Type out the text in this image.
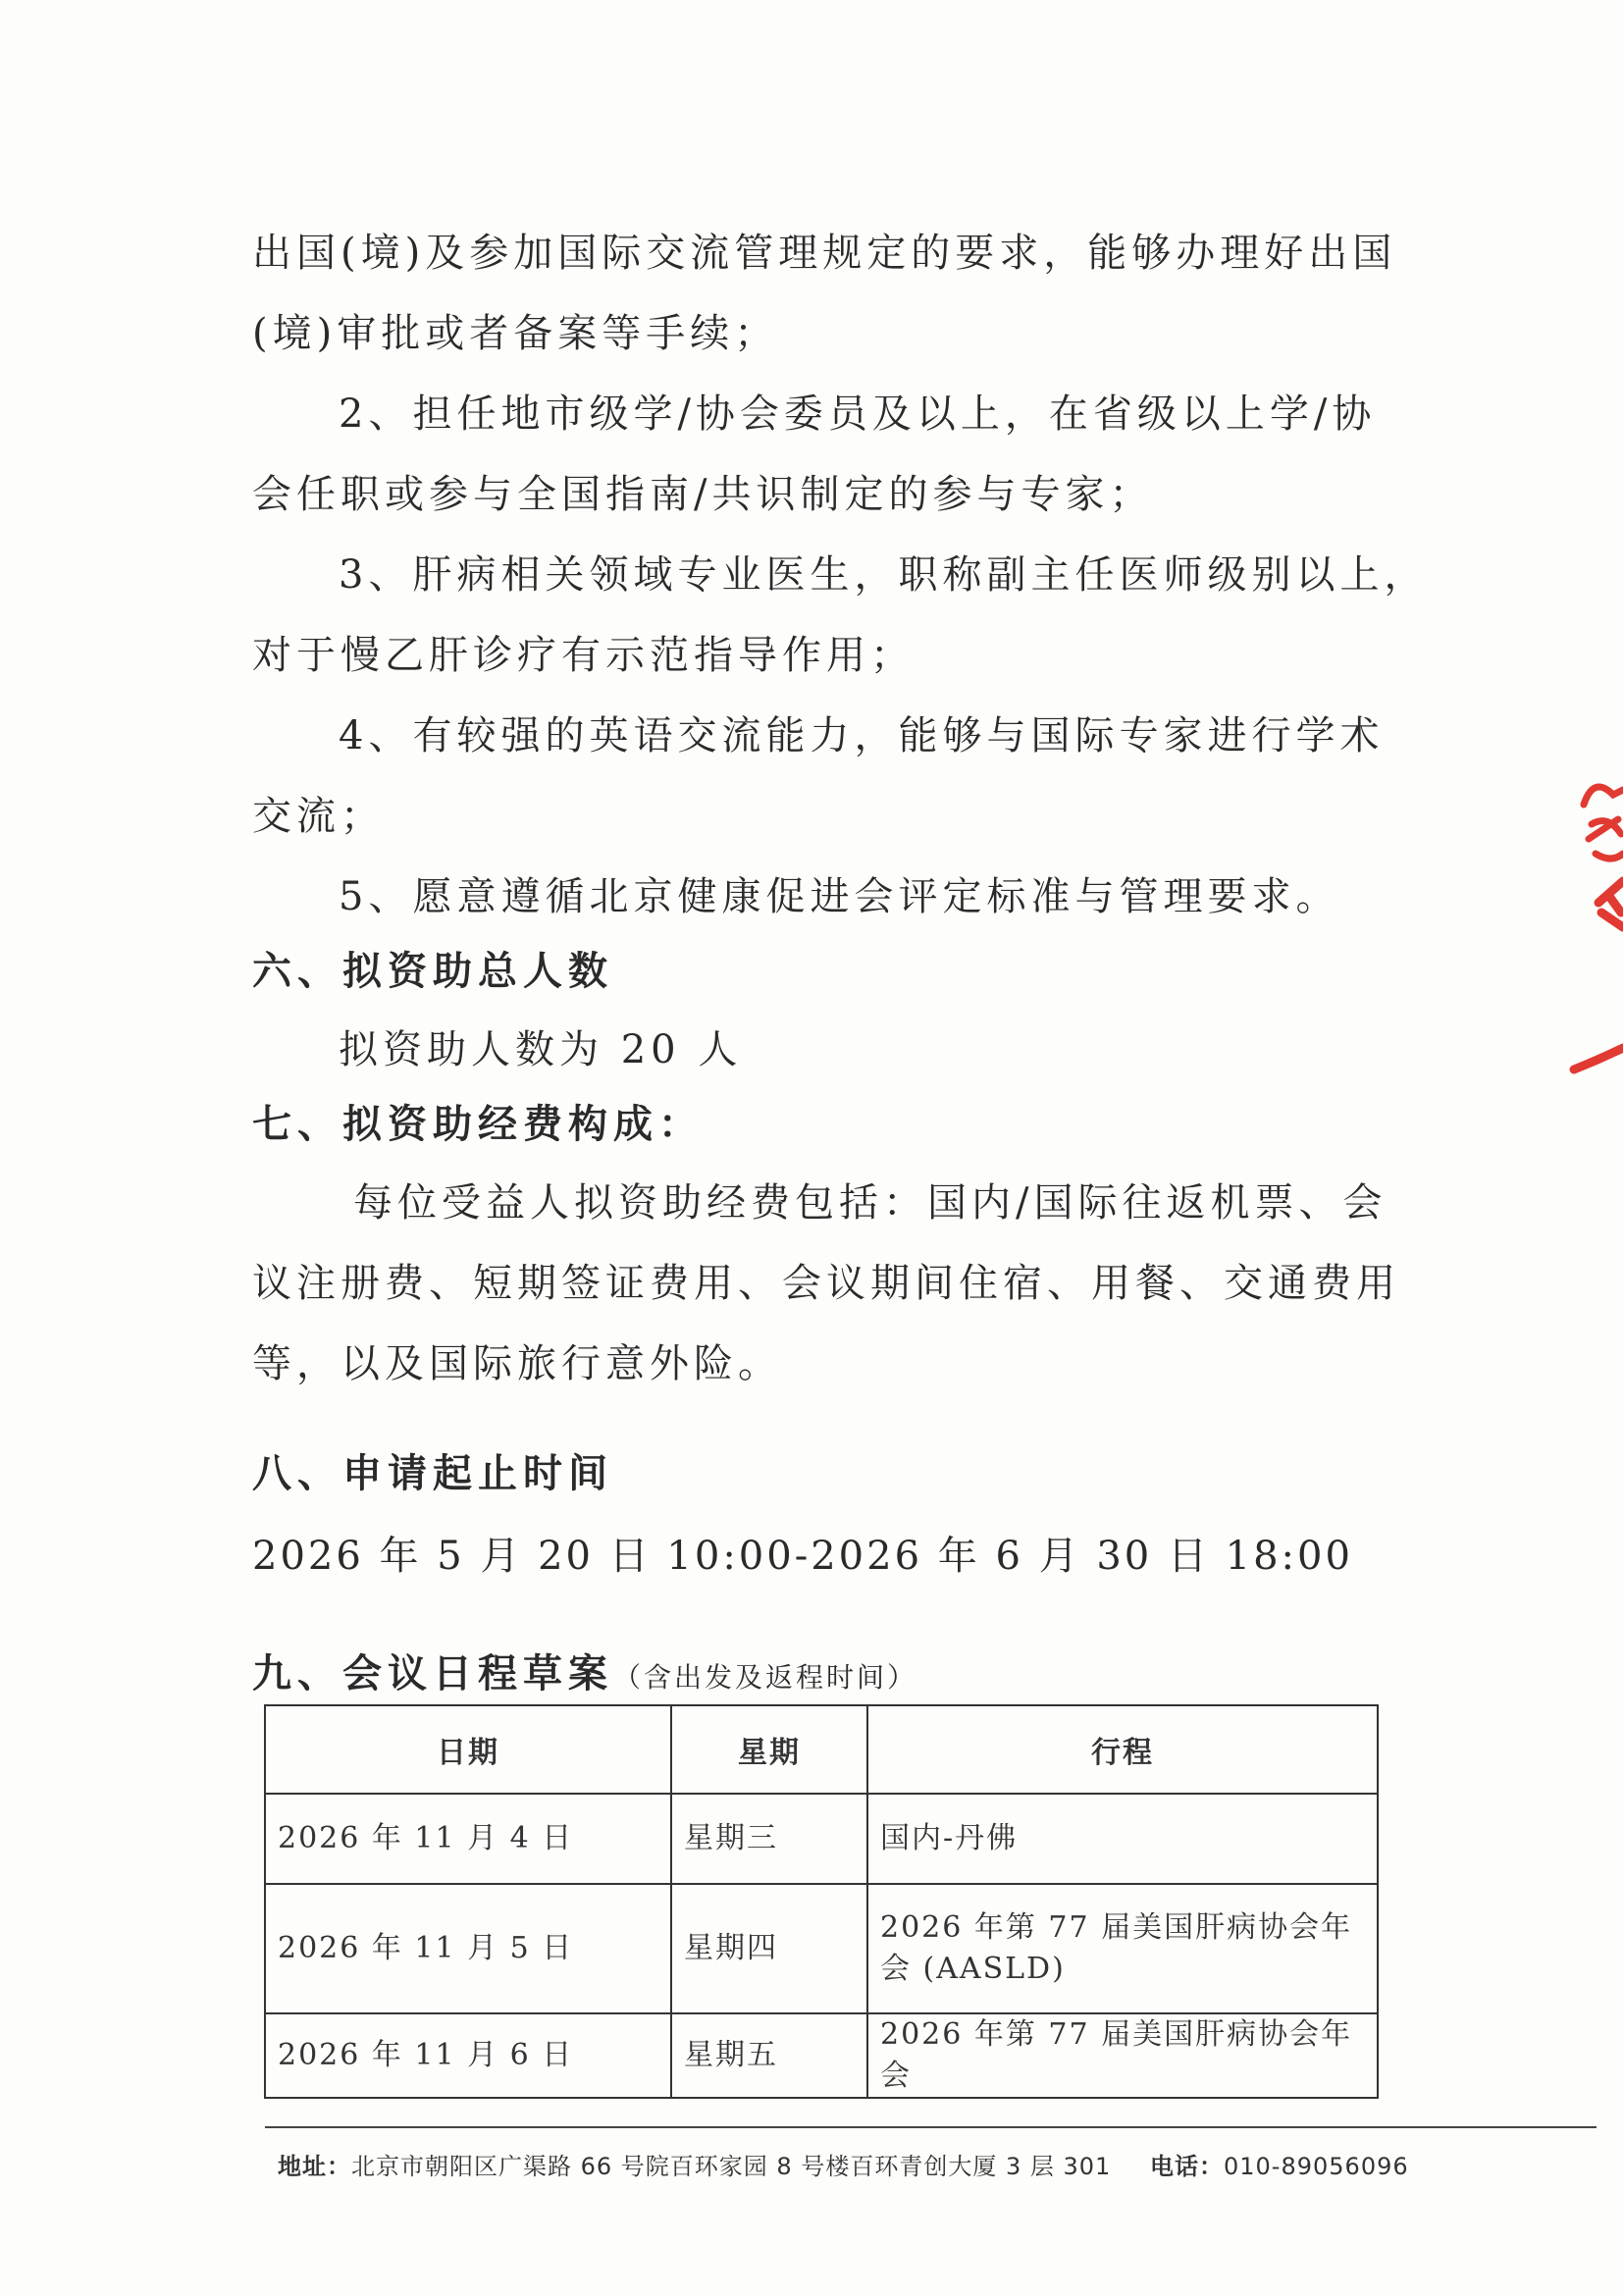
出国(境)及参加国际交流管理规定的要求，能够办理好出国
(境)审批或者备案等手续；
2、担任地市级学/协会委员及以上，在省级以上学/协
会任职或参与全国指南/共识制定的参与专家；
3、肝病相关领域专业医生，职称副主任医师级别以上，
对于慢乙肝诊疗有示范指导作用；
4、有较强的英语交流能力，能够与国际专家进行学术
交流；
5、愿意遵循北京健康促进会评定标准与管理要求。
六、拟资助总人数
拟资助人数为 20 人
七、拟资助经费构成：
每位受益人拟资助经费包括：国内/国际往返机票、会
议注册费、短期签证费用、会议期间住宿、用餐、交通费用
等，以及国际旅行意外险。
八、申请起止时间
2026 年 5 月 20 日 10:00-2026 年 6 月 30 日 18:00
九、会议日程草案（含出发及返程时间）
日期	星期	行程
2026 年 11 月 4 日	星期三	国内-丹佛
2026 年 11 月 5 日	星期四	2026 年第 77 届美国肝病协会年会 (AASLD)
2026 年 11 月 6 日	星期五	2026 年第 77 届美国肝病协会年会
地址：北京市朝阳区广渠路 66 号院百环家园 8 号楼百环青创大厦 3 层 301 电话：010-89056096
